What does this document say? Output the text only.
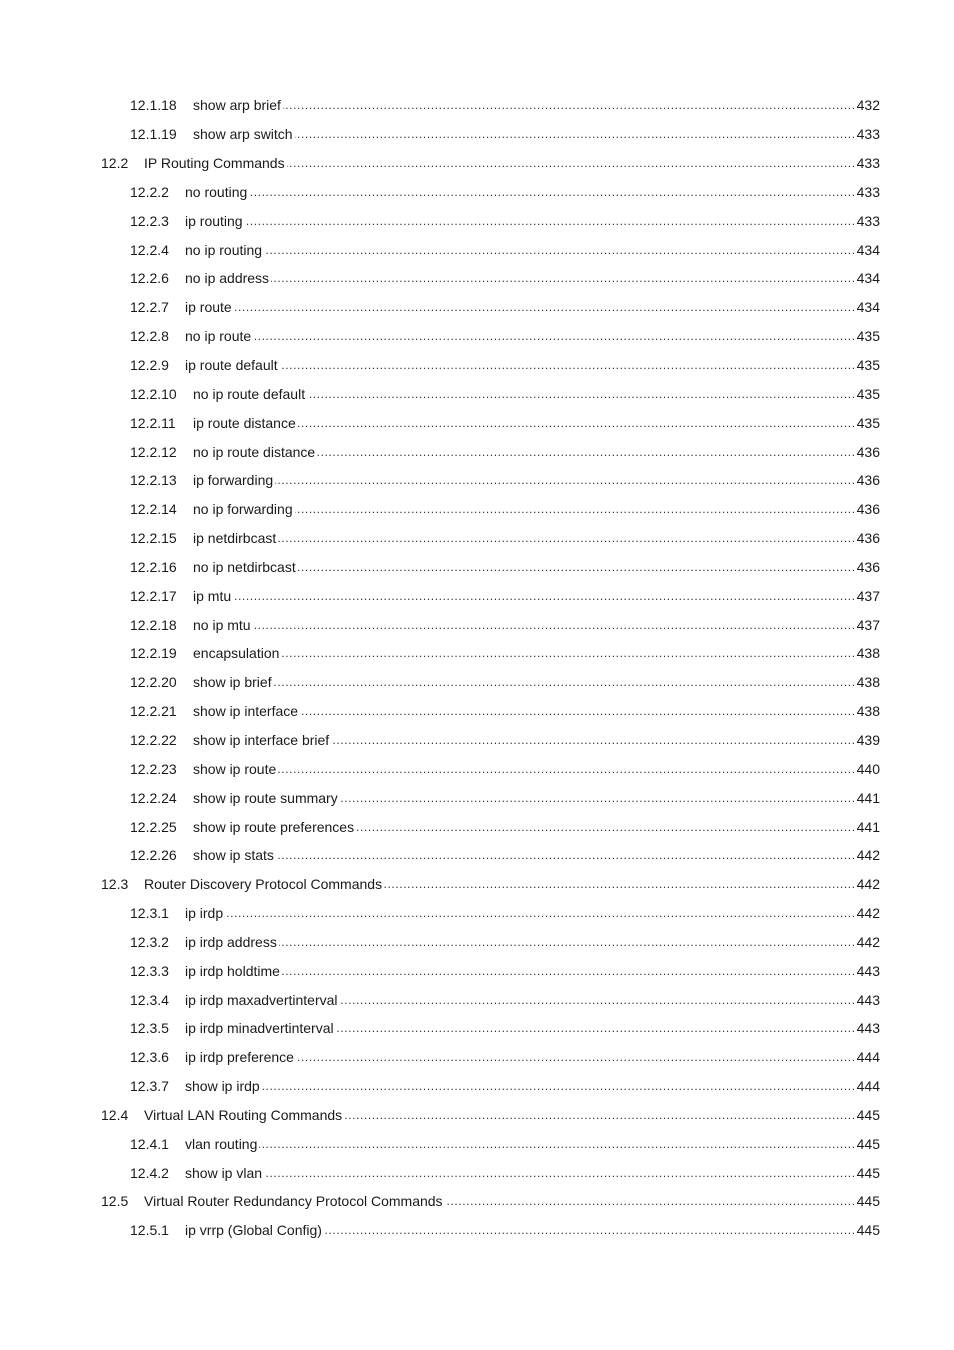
12.1.18	show arp brief .....	432
12.1.19	show arp switch .....	433
12.2	IP Routing Commands .....	433
12.2.2	no routing .....	433
12.2.3	ip routing .....	433
12.2.4	no ip routing .....	434
12.2.6	no ip address .....	434
12.2.7	ip route .....	434
12.2.8	no ip route .....	435
12.2.9	ip route default .....	435
12.2.10	no ip route default .....	435
12.2.11	ip route distance .....	435
12.2.12	no ip route distance .....	436
12.2.13	ip forwarding .....	436
12.2.14	no ip forwarding .....	436
12.2.15	ip netdirbcast .....	436
12.2.16	no ip netdirbcast .....	436
12.2.17	ip mtu .....	437
12.2.18	no ip mtu .....	437
12.2.19	encapsulation .....	438
12.2.20	show ip brief .....	438
12.2.21	show ip interface .....	438
12.2.22	show ip interface brief .....	439
12.2.23	show ip route .....	440
12.2.24	show ip route summary .....	441
12.2.25	show ip route preferences .....	441
12.2.26	show ip stats .....	442
12.3	Router Discovery Protocol Commands .....	442
12.3.1	ip irdp .....	442
12.3.2	ip irdp address .....	442
12.3.3	ip irdp holdtime .....	443
12.3.4	ip irdp maxadvertinterval .....	443
12.3.5	ip irdp minadvertinterval .....	443
12.3.6	ip irdp preference .....	444
12.3.7	show ip irdp .....	444
12.4	Virtual LAN Routing Commands .....	445
12.4.1	vlan routing .....	445
12.4.2	show ip vlan .....	445
12.5	Virtual Router Redundancy Protocol Commands .....	445
12.5.1	ip vrrp (Global Config) .....	445
